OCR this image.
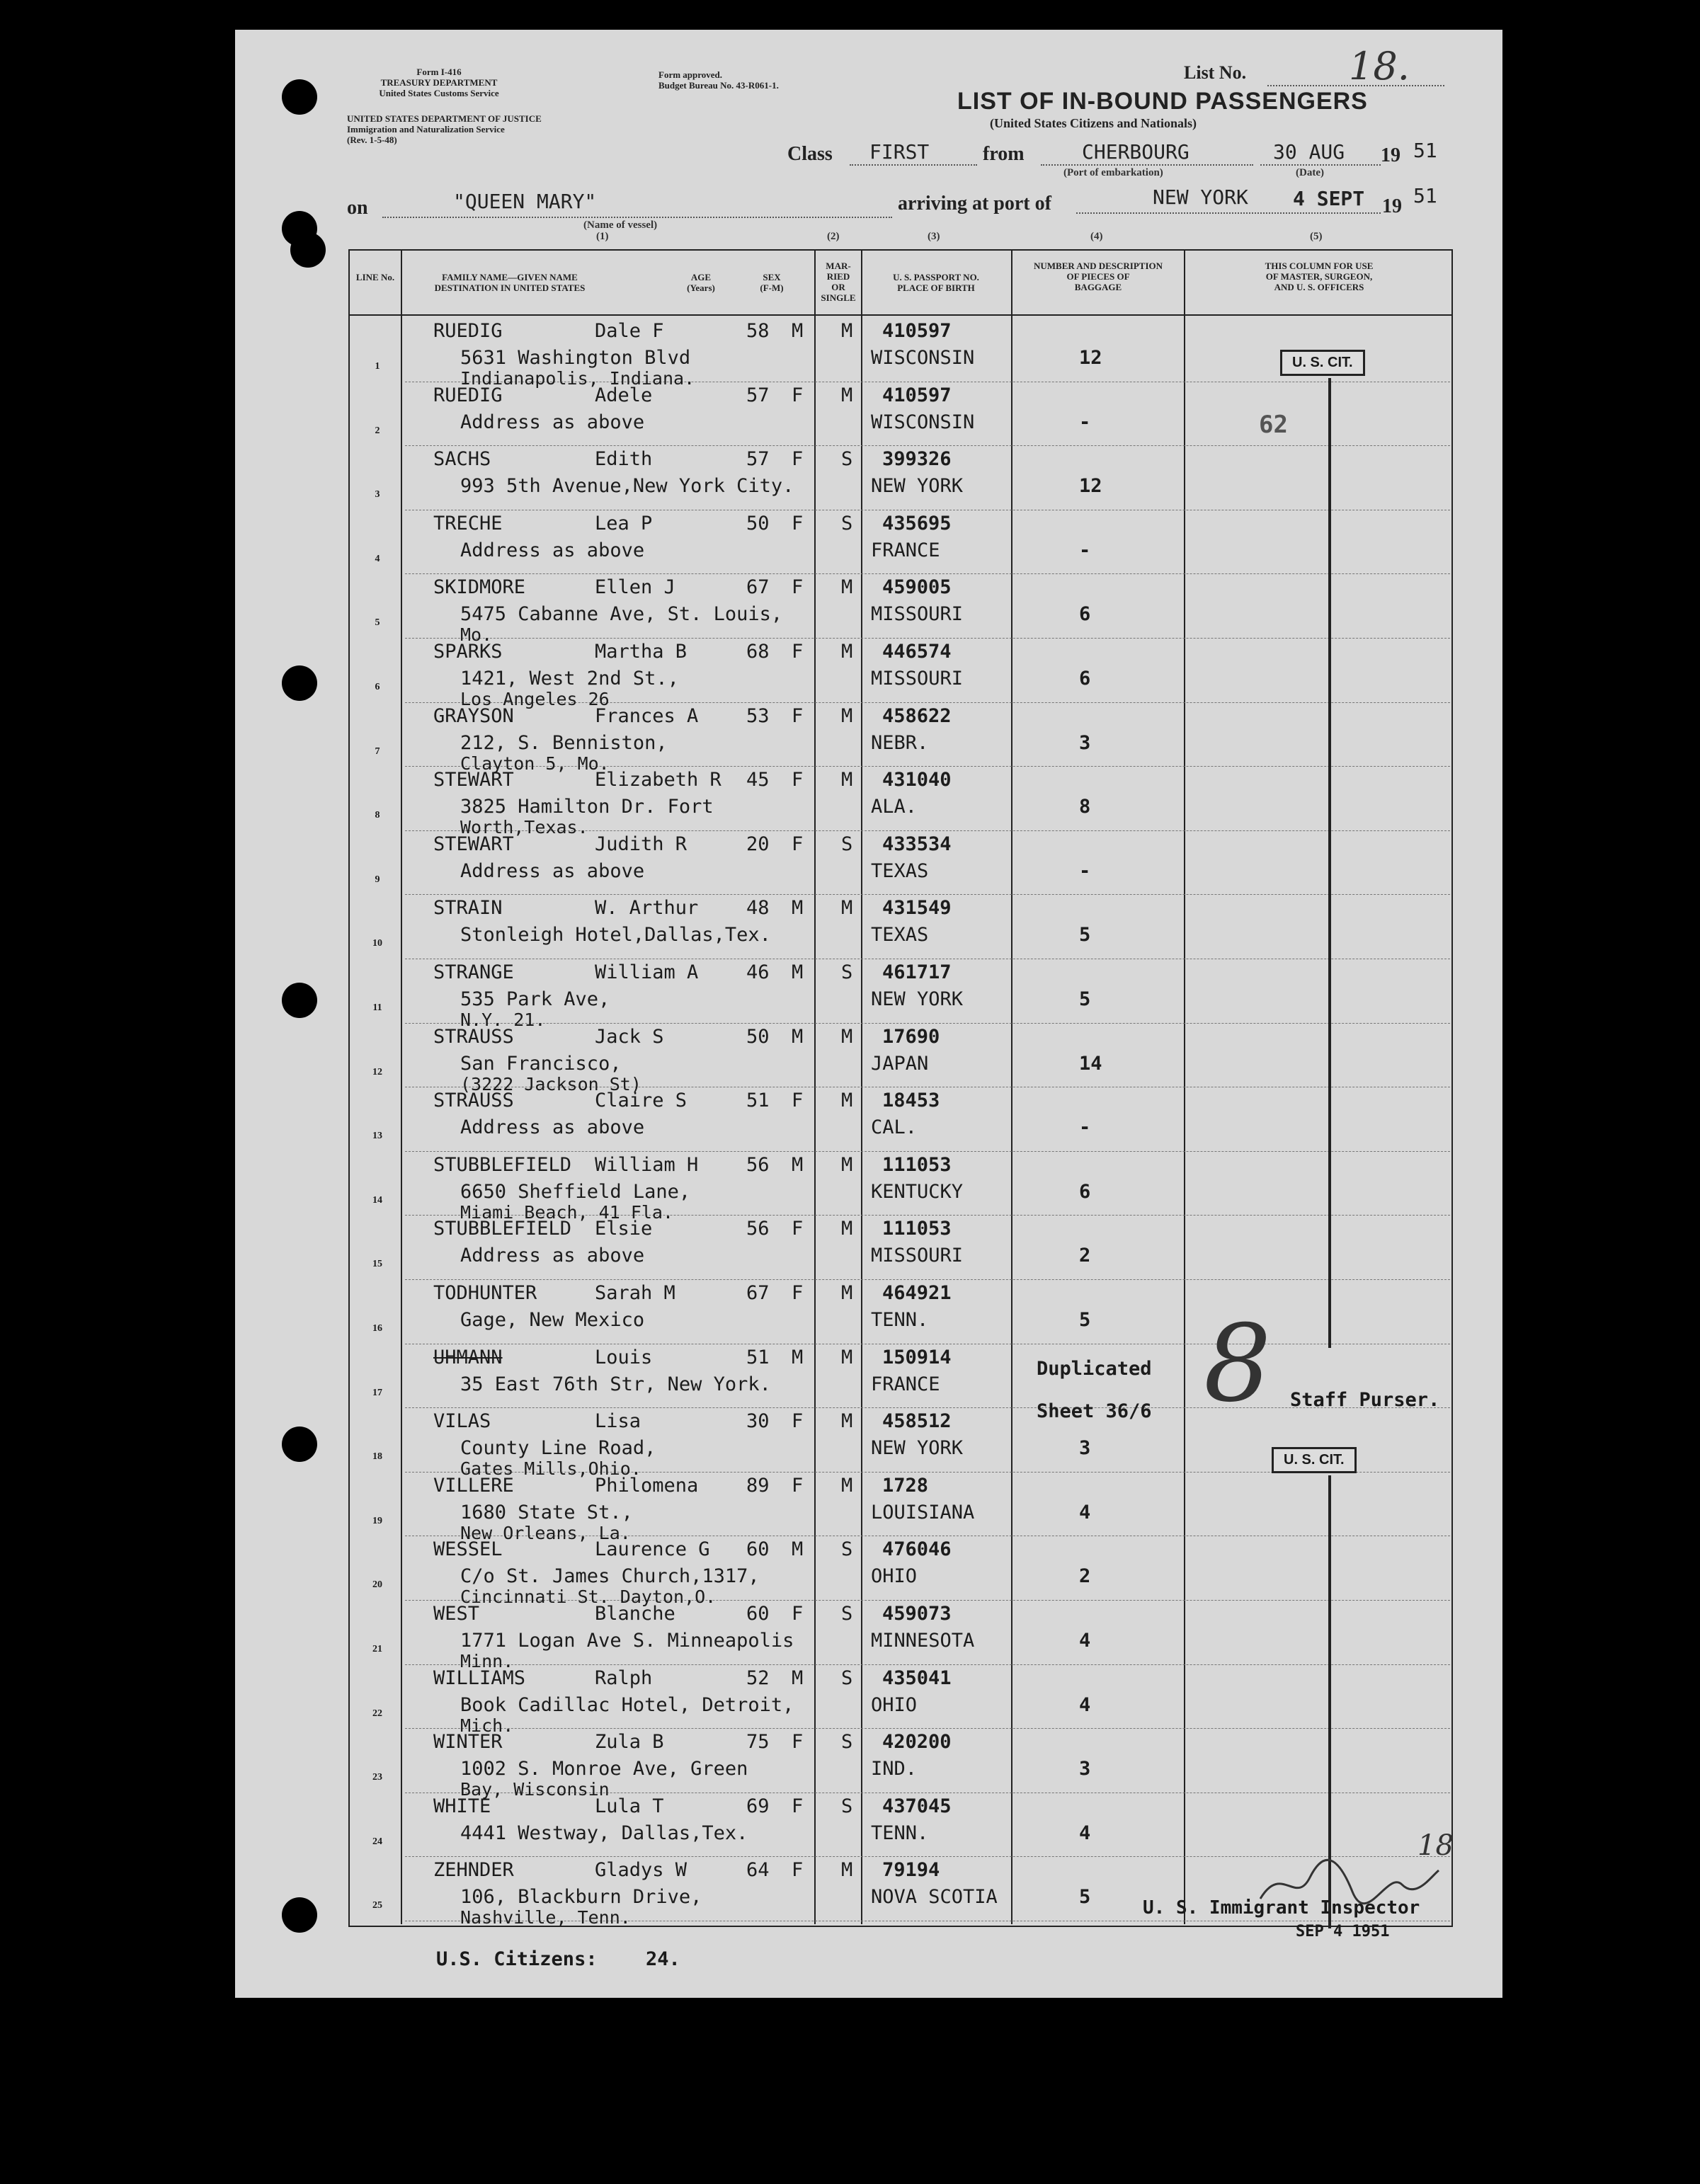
Form I-416
TREASURY DEPARTMENT
United States Customs Service
UNITED STATES DEPARTMENT OF JUSTICE
Immigration and Naturalization Service
(Rev. 1-5-48)
Form approved.
Budget Bureau No. 43-R061-1.
List No.	18.
LIST OF IN-BOUND PASSENGERS
(United States Citizens and Nationals)
Class FIRST	from	CHERBOURG
(Port of embarkation)
30 AUG
(Date)
19 51
on	"QUEEN MARY"
(Name of vessel)
arriving at port of	NEW YORK 4 SEPT 19 51
(1)	(2)	(3)	(4)	(5)
LINE No.	FAMILY NAME—GIVEN NAME
DESTINATION IN UNITED STATES
AGE
(Years)
SEX
(F-M)
MAR-
RIED
OR
SINGLE
U. S. PASSPORT NO.
PLACE OF BIRTH
NUMBER AND DESCRIPTION
OF PIECES OF
BAGGAGE
THIS COLUMN FOR USE
OF MASTER, SURGEON,
AND U. S. OFFICERS
1
RUEDIG	Dale F	58 M M
5631 Washington Blvd
Indianapolis, Indiana.
410597
WISCONSIN	12
2
RUEDIG	Adele	57 F M
Address as above
410597
WISCONSIN	-
3
SACHS	Edith	57 F S
993 5th Avenue,New York City.
399326
NEW YORK	12
4
TRECHE	Lea P	50 F S
Address as above
435695
FRANCE	-
5
SKIDMORE	Ellen J	67 F M
5475 Cabanne Ave, St. Louis,
Mo.
459005
MISSOURI	6
6
SPARKS	Martha B	68 F M
1421, West 2nd St.,
Los Angeles 26
446574
MISSOURI	6
7
GRAYSON	Frances A	53 F M
212, S. Benniston,
Clayton 5, Mo.
458622
NEBR.	3
8
STEWART	Elizabeth R 45 F M
3825 Hamilton Dr. Fort
Worth,Texas.
431040
ALA.	8
9
STEWART	Judith R	20 F S
Address as above
433534
TEXAS	-
10
STRAIN	W. Arthur	48 M M
Stonleigh Hotel,Dallas,Tex.
431549
TEXAS	5
11
STRANGE	William A	46 M S
535 Park Ave,
N.Y. 21.
461717
NEW YORK	5
12
STRAUSS	Jack S	50 M M
San Francisco,
(3222 Jackson St)
17690
JAPAN	14
13
STRAUSS	Claire S	51 F M
Address as above
18453
CAL.	-
14
STUBBLEFIELD William H	56 M M
6650 Sheffield Lane,
Miami Beach, 41 Fla.
111053
KENTUCKY	6
15
STUBBLEFIELD Elsie	56 F M
Address as above
111053
MISSOURI	2
16
TODHUNTER	Sarah M	67 F M
Gage, New Mexico
464921
TENN.	5
17
UHMANN	Louis	51 M M
35 East 76th Str, New York.
150914
FRANCE
Duplicated
Sheet 36/6
18
VILAS	Lisa	30 F M
County Line Road,
Gates Mills,Ohio.
458512
NEW YORK	3
19
VILLERE	Philomena	89 F M
1680 State St.,
New Orleans, La.
1728
LOUISIANA	4
20
WESSEL	Laurence G 60 M S
C/o St. James Church,1317,
Cincinnati St. Dayton,O.
476046
OHIO	2
21
WEST	Blanche	60 F S
1771 Logan Ave S. Minneapolis
Minn.
459073
MINNESOTA	4
22
WILLIAMS	Ralph	52 M S
Book Cadillac Hotel, Detroit,
Mich.
435041
OHIO	4
23
WINTER	Zula B	75 F S
1002 S. Monroe Ave, Green
Bay, Wisconsin
420200
IND.	3
24
WHITE	Lula T	69 F S
4441 Westway, Dallas,Tex.
437045
TENN.	4
25
ZEHNDER	Gladys W	64 F M
106, Blackburn Drive,
Nashville, Tenn.
79194
NOVA SCOTIA	5
U. S. CIT.
62
U. S. CIT.
Staff Purser.
8
U. S. Immigrant Inspector
SEP 4 1951
18
U.S. Citizens:	24.
